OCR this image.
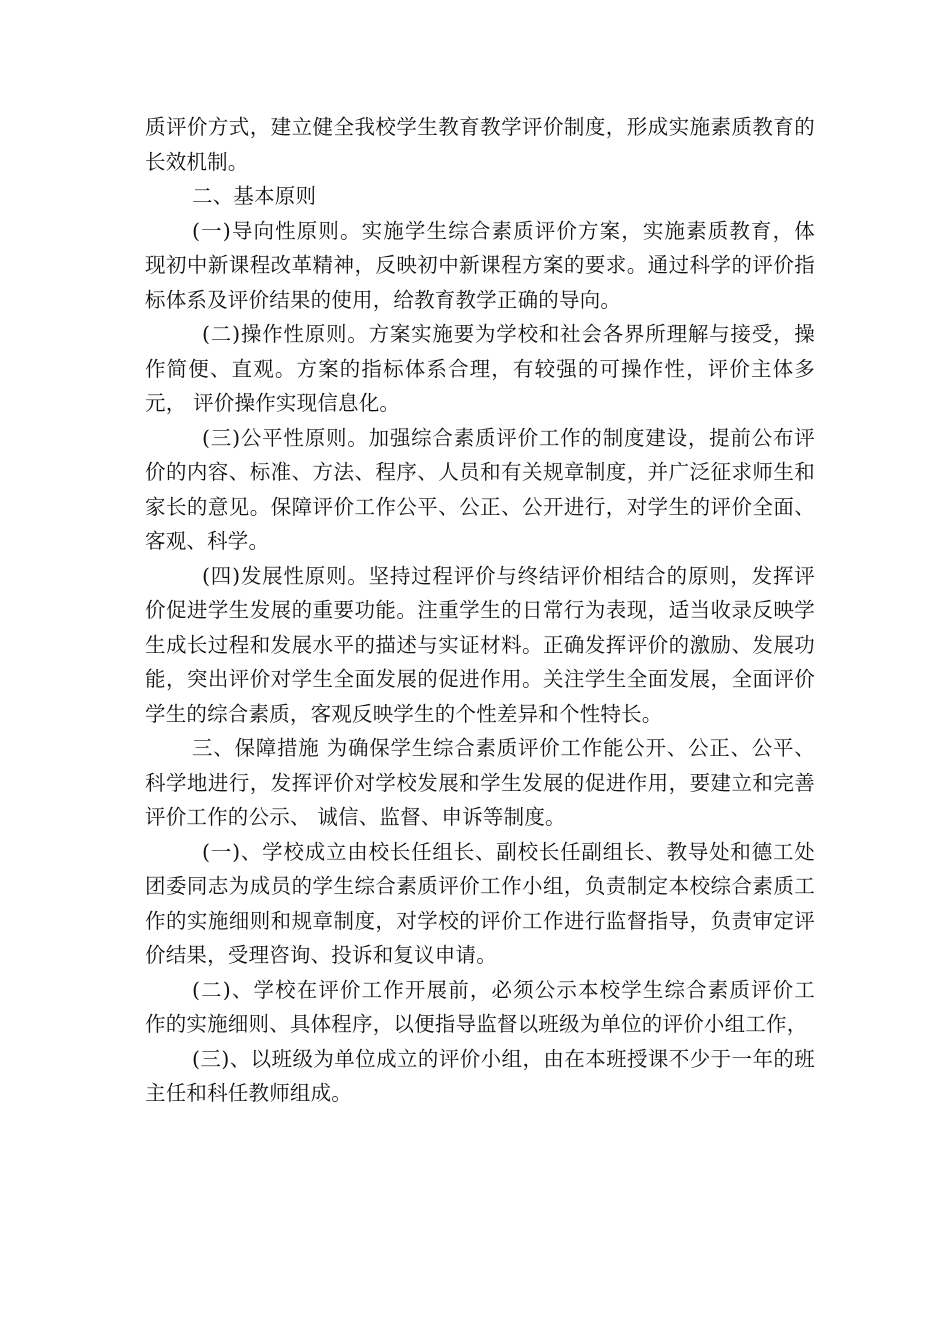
质评价方式，建立健全我校学生教育教学评价制度，形成实施素质教育的长效机制。

二、基本原则

(一)导向性原则。实施学生综合素质评价方案，实施素质教育，体 现初中新课程改革精神，反映初中新课程方案的要求。通过科学的评价指 标体系及评价结果的使用，给教育教学正确的导向。

(二)操作性原则。方案实施要为学校和社会各界所理解与接受，操 作简便、直观。方案的指标体系合理，有较强的可操作性，评价主体多元， 评价操作实现信息化。

(三)公平性原则。加强综合素质评价工作的制度建设，提前公布评 价的内容、标准、方法、程序、人员和有关规章制度，并广泛征求师生和家长的意见。保障评价工作公平、公正、公开进行，对学生的评价全面、 客观、科学。

(四)发展性原则。坚持过程评价与终结评价相结合的原则，发挥评 价促进学生发展的重要功能。注重学生的日常行为表现，适当收录反映学 生成长过程和发展水平的描述与实证材料。正确发挥评价的激励、发展功能，突出评价对学生全面发展的促进作用。关注学生全面发展，全面评价学生的综合素质，客观反映学生的个性差异和个性特长。

三、保障措施 为确保学生综合素质评价工作能公开、公正、公平、科学地进行，发挥评价对学校发展和学生发展的促进作用，要建立和完善评价工作的公示、 诚信、监督、申诉等制度。

(一)、学校成立由校长任组长、副校长任副组长、教导处和德工处 团委同志为成员的学生综合素质评价工作小组，负责制定本校综合素质工 作的实施细则和规章制度，对学校的评价工作进行监督指导，负责审定评价结果，受理咨询、投诉和复议申请。

(二)、学校在评价工作开展前，必须公示本校学生综合素质评价工 作的实施细则、具体程序，以便指导监督以班级为单位的评价小组工作，

(三)、以班级为单位成立的评价小组，由在本班授课不少于一年的班主任和科任教师组成。
